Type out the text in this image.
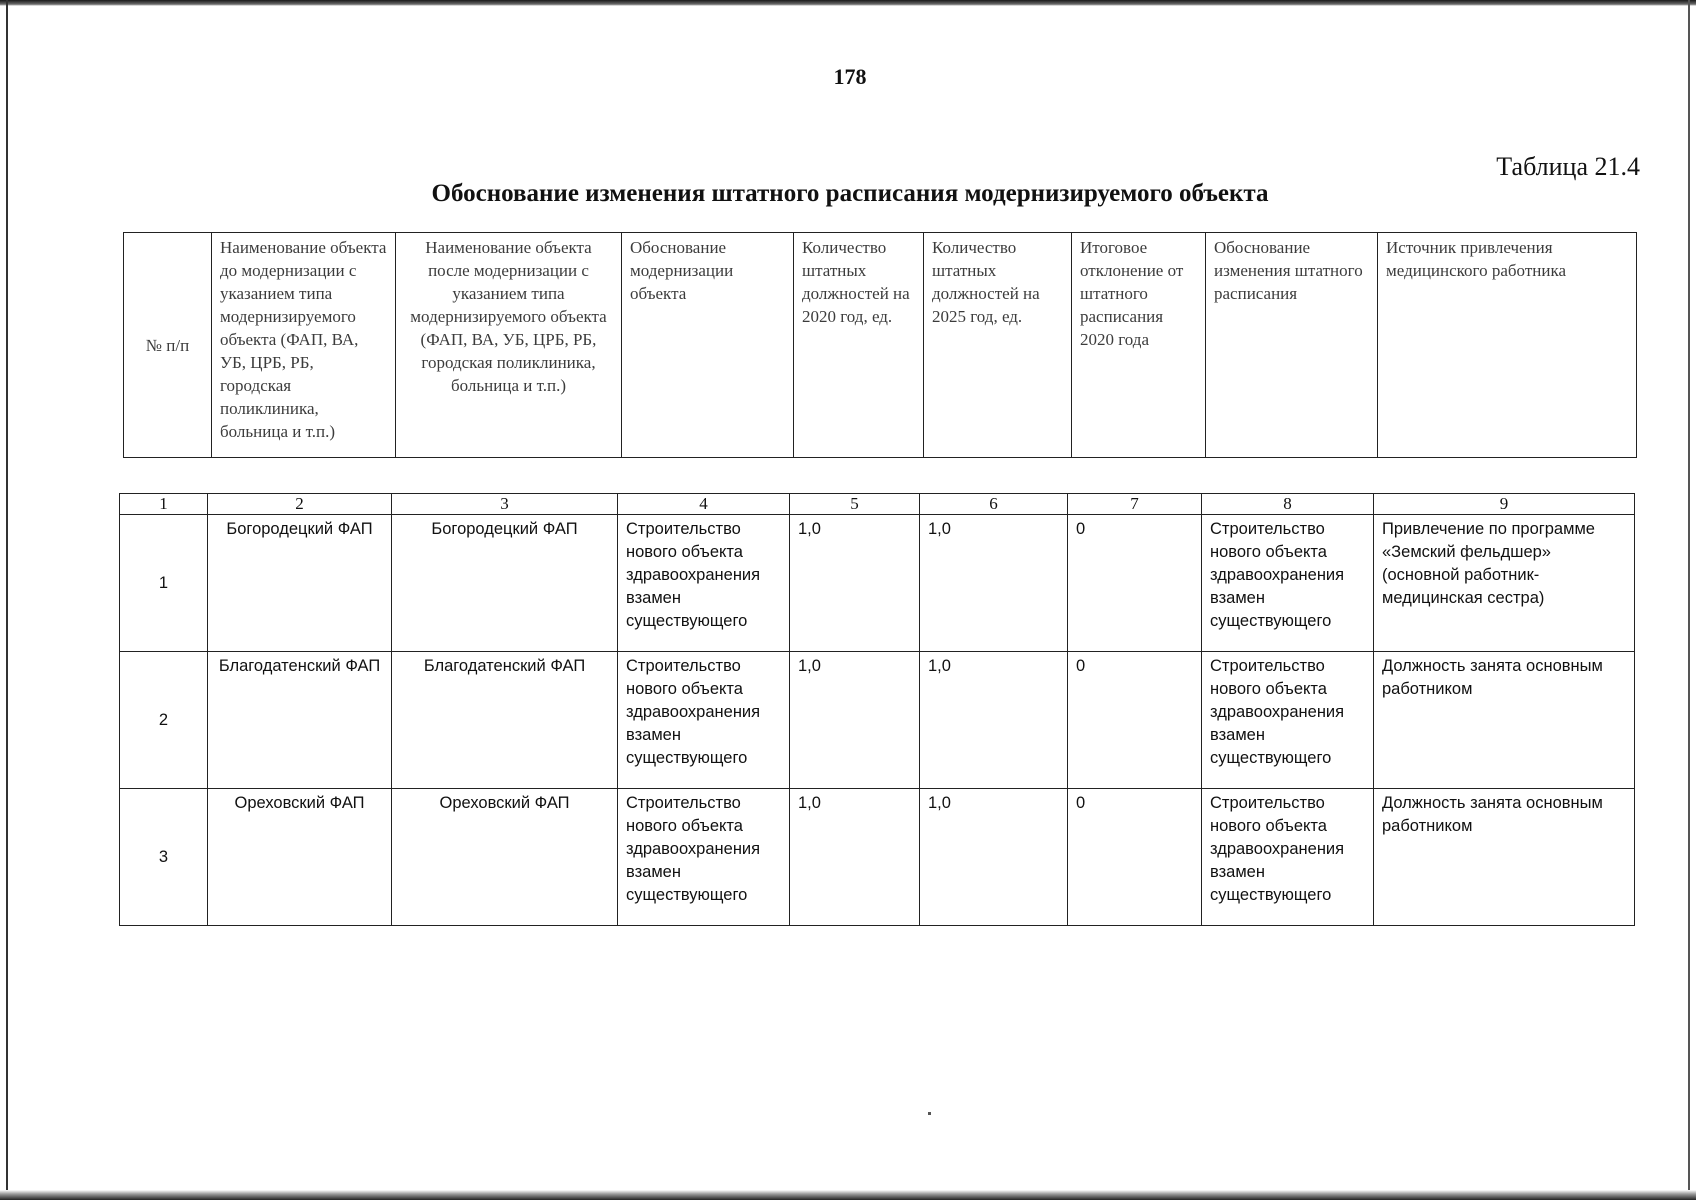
178
Таблица 21.4
Обоснование изменения штатного расписания модернизируемого объекта
№ п/п	Наименование объекта до модернизации с указанием типа модернизируемого объекта (ФАП, ВА, УБ, ЦРБ, РБ, городская поликлиника, больница и т.п.)	Наименование объекта после модернизации с указанием типа модернизируемого объекта (ФАП, ВА, УБ, ЦРБ, РБ, городская поликлиника, больница и т.п.)	Обоснование модернизации объекта	Количество штатных должностей на 2020 год, ед.	Количество штатных должностей на 2025 год, ед.	Итоговое отклонение от штатного расписания 2020 года	Обоснование изменения штатного расписания	Источник привлечения медицинского работника
1	2	3	4	5	6	7	8	9
1	Богородецкий ФАП	Богородецкий ФАП	Строительство нового объекта здравоохранения взамен существующего	1,0	1,0	0	Строительство нового объекта здравоохранения взамен существующего	Привлечение по программе «Земский фельдшер» (основной работник- медицинская сестра)
2	Благодатенский ФАП	Благодатенский ФАП	Строительство нового объекта здравоохранения взамен существующего	1,0	1,0	0	Строительство нового объекта здравоохранения взамен существующего	Должность занята основным работником
3	Ореховский ФАП	Ореховский ФАП	Строительство нового объекта здравоохранения взамен существующего	1,0	1,0	0	Строительство нового объекта здравоохранения взамен существующего	Должность занята основным работником
